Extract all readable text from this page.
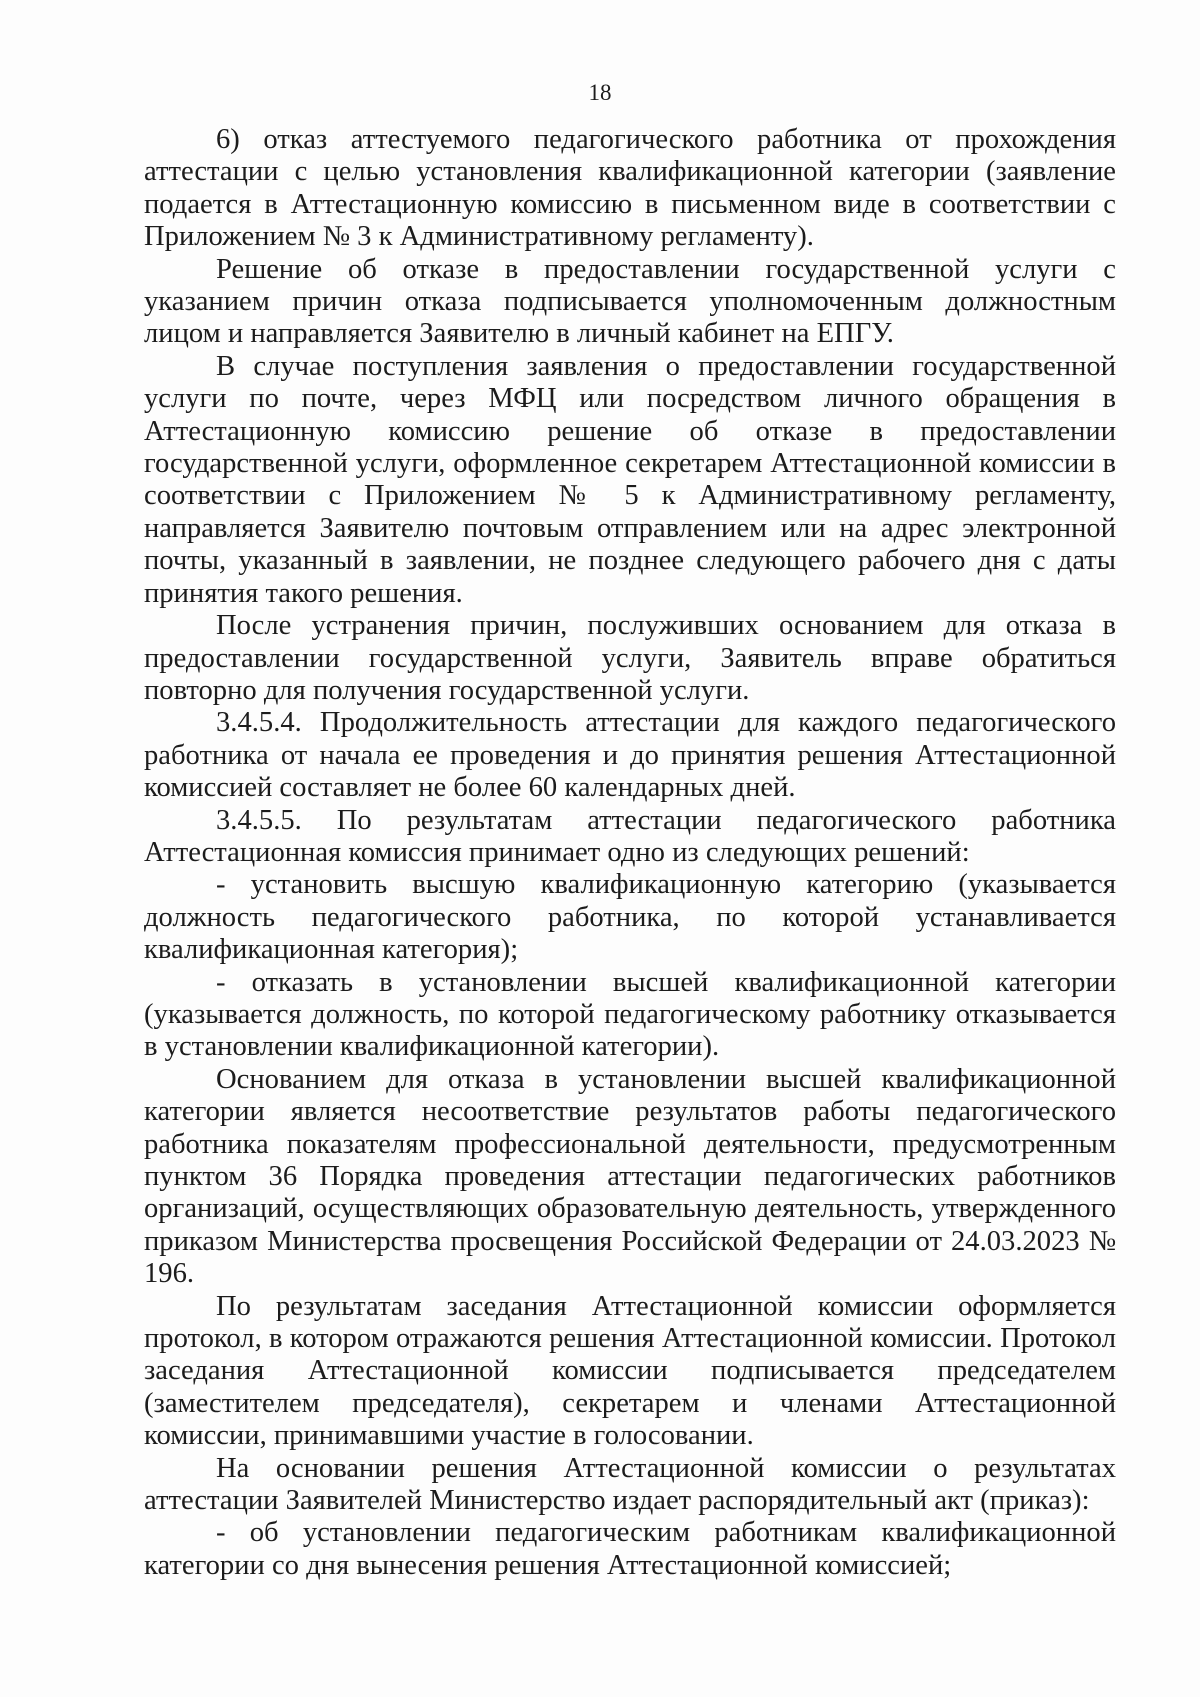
18

6) отказ аттестуемого педагогического работника от прохождения аттестации с целью установления квалификационной категории (заявление подается в Аттестационную комиссию в письменном виде в соответствии с Приложением № 3 к Административному регламенту).

Решение об отказе в предоставлении государственной услуги с указанием причин отказа подписывается уполномоченным должностным лицом и направляется Заявителю в личный кабинет на ЕПГУ.

В случае поступления заявления о предоставлении государственной услуги по почте, через МФЦ или посредством личного обращения в Аттестационную комиссию решение об отказе в предоставлении государственной услуги, оформленное секретарем Аттестационной комиссии в соответствии с Приложением № 5 к Административному регламенту, направляется Заявителю почтовым отправлением или на адрес электронной почты, указанный в заявлении, не позднее следующего рабочего дня с даты принятия такого решения.

После устранения причин, послуживших основанием для отказа в предоставлении государственной услуги, Заявитель вправе обратиться повторно для получения государственной услуги.

3.4.5.4. Продолжительность аттестации для каждого педагогического работника от начала ее проведения и до принятия решения Аттестационной комиссией составляет не более 60 календарных дней.

3.4.5.5. По результатам аттестации педагогического работника Аттестационная комиссия принимает одно из следующих решений:

- установить высшую квалификационную категорию (указывается должность педагогического работника, по которой устанавливается квалификационная категория);

- отказать в установлении высшей квалификационной категории (указывается должность, по которой педагогическому работнику отказывается в установлении квалификационной категории).

Основанием для отказа в установлении высшей квалификационной категории является несоответствие результатов работы педагогического работника показателям профессиональной деятельности, предусмотренным пунктом 36 Порядка проведения аттестации педагогических работников организаций, осуществляющих образовательную деятельность, утвержденного приказом Министерства просвещения Российской Федерации от 24.03.2023 № 196.

По результатам заседания Аттестационной комиссии оформляется протокол, в котором отражаются решения Аттестационной комиссии. Протокол заседания Аттестационной комиссии подписывается председателем (заместителем председателя), секретарем и членами Аттестационной комиссии, принимавшими участие в голосовании.

На основании решения Аттестационной комиссии о результатах аттестации Заявителей Министерство издает распорядительный акт (приказ):

- об установлении педагогическим работникам квалификационной категории со дня вынесения решения Аттестационной комиссией;
